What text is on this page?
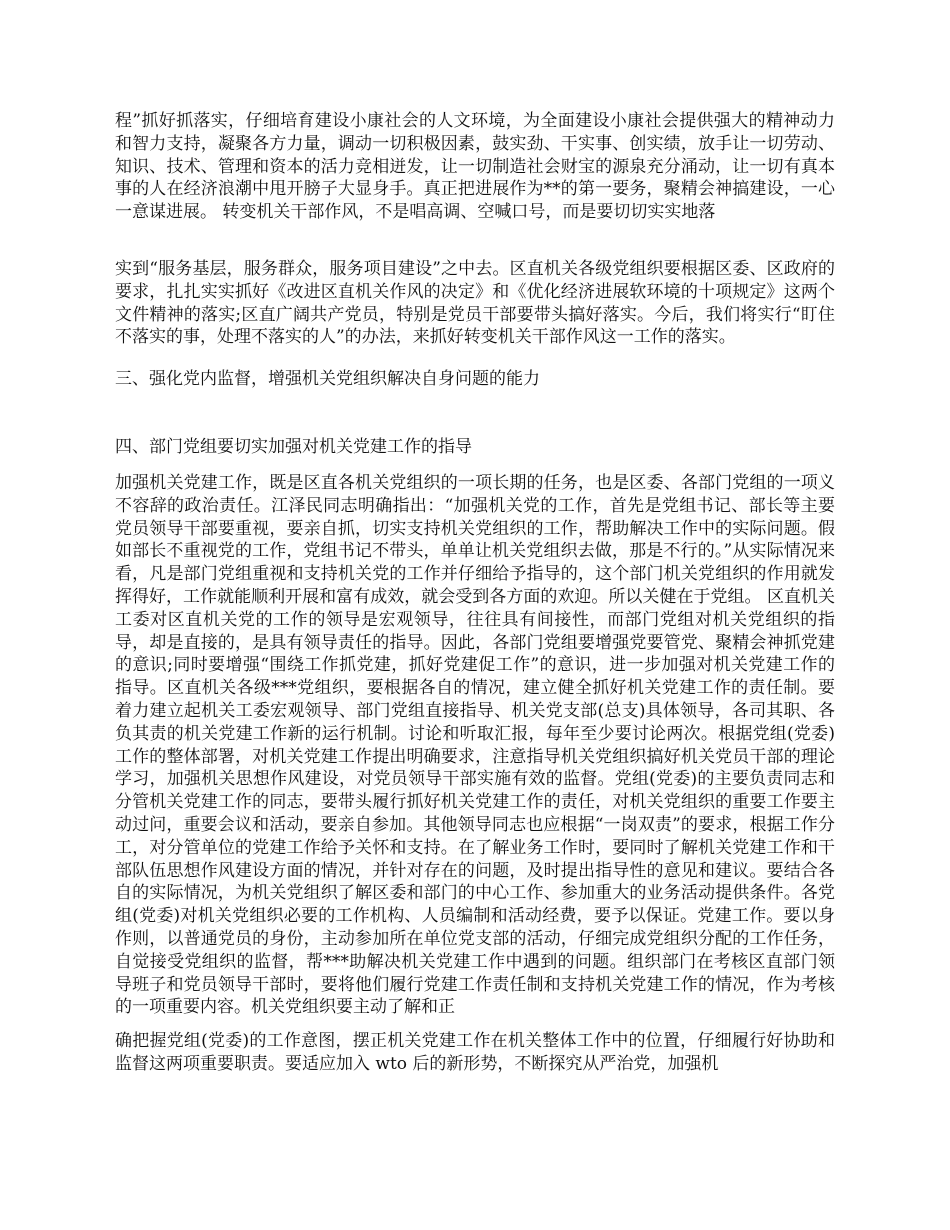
程”抓好抓落实，仔细培育建设小康社会的人文环境，为全面建设小康社会提供强大的精神动力和智力支持，凝聚各方力量，调动一切积极因素，鼓实劲、干实事、创实绩，放手让一切劳动、知识、技术、管理和资本的活力竞相迸发，让一切制造社会财宝的源泉充分涌动，让一切有真本事的人在经济浪潮中甩开膀子大显身手。真正把进展作为**的第一要务，聚精会神搞建设，一心一意谋进展。 转变机关干部作风，不是唱高调、空喊口号，而是要切切实实地落

实到“服务基层，服务群众，服务项目建设”之中去。区直机关各级党组织要根据区委、区政府的要求，扎扎实实抓好《改进区直机关作风的决定》和《优化经济进展软环境的十项规定》这两个文件精神的落实;区直广阔共产党员，特别是党员干部要带头搞好落实。今后，我们将实行“盯住不落实的事，处理不落实的人”的办法，来抓好转变机关干部作风这一工作的落实。

三、强化党内监督，增强机关党组织解决自身问题的能力

四、部门党组要切实加强对机关党建工作的指导

加强机关党建工作，既是区直各机关党组织的一项长期的任务，也是区委、各部门党组的一项义不容辞的政治责任。江泽民同志明确指出：“加强机关党的工作，首先是党组书记、部长等主要党员领导干部要重视，要亲自抓，切实支持机关党组织的工作，帮助解决工作中的实际问题。假如部长不重视党的工作，党组书记不带头，单单让机关党组织去做，那是不行的。”从实际情况来看，凡是部门党组重视和支持机关党的工作并仔细给予指导的，这个部门机关党组织的作用就发挥得好，工作就能顺利开展和富有成效，就会受到各方面的欢迎。所以关健在于党组。 区直机关工委对区直机关党的工作的领导是宏观领导，往往具有间接性，而部门党组对机关党组织的指导，却是直接的，是具有领导责任的指导。因此，各部门党组要增强党要管党、聚精会神抓党建的意识;同时要增强“围绕工作抓党建，抓好党建促工作”的意识，进一步加强对机关党建工作的指导。区直机关各级***党组织，要根据各自的情况，建立健全抓好机关党建工作的责任制。要着力建立起机关工委宏观领导、部门党组直接指导、机关党支部(总支)具体领导，各司其职、各负其责的机关党建工作新的运行机制。讨论和听取汇报，每年至少要讨论两次。根据党组(党委)工作的整体部署，对机关党建工作提出明确要求，注意指导机关党组织搞好机关党员干部的理论学习，加强机关思想作风建设，对党员领导干部实施有效的监督。党组(党委)的主要负责同志和分管机关党建工作的同志，要带头履行抓好机关党建工作的责任，对机关党组织的重要工作要主动过问，重要会议和活动，要亲自参加。其他领导同志也应根据“一岗双责”的要求，根据工作分工，对分管单位的党建工作给予关怀和支持。在了解业务工作时，要同时了解机关党建工作和干部队伍思想作风建设方面的情况，并针对存在的问题，及时提出指导性的意见和建议。要结合各自的实际情况，为机关党组织了解区委和部门的中心工作、参加重大的业务活动提供条件。各党组(党委)对机关党组织必要的工作机构、人员编制和活动经费，要予以保证。党建工作。要以身作则，以普通党员的身份，主动参加所在单位党支部的活动，仔细完成党组织分配的工作任务，自觉接受党组织的监督，帮***助解决机关党建工作中遇到的问题。组织部门在考核区直部门领导班子和党员领导干部时，要将他们履行党建工作责任制和支持机关党建工作的情况，作为考核的一项重要内容。机关党组织要主动了解和正

确把握党组(党委)的工作意图，摆正机关党建工作在机关整体工作中的位置，仔细履行好协助和监督这两项重要职责。要适应加入 wto 后的新形势，不断探究从严治党，加强机
